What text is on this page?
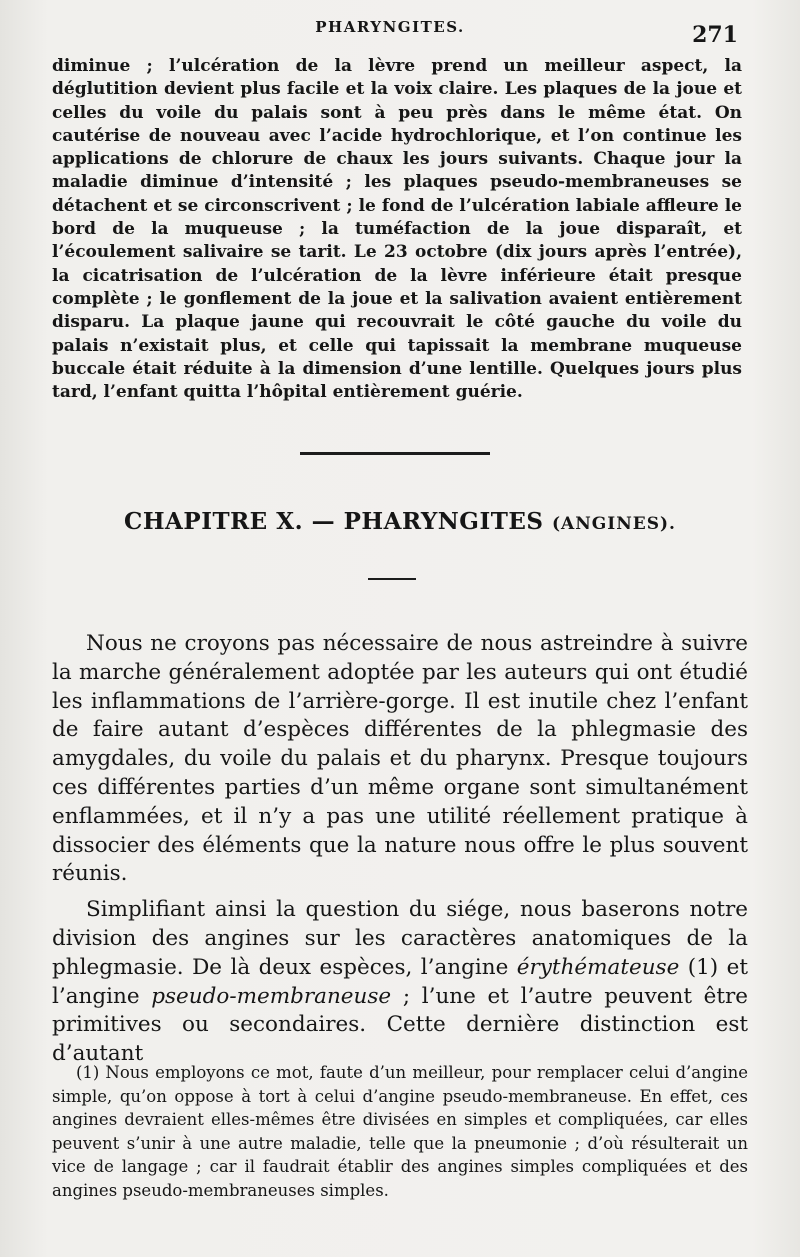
PHARYNGITES.	271
diminue ; l’ulcération de la lèvre prend un meilleur aspect, la déglutition devient plus facile et la voix claire. Les plaques de la joue et celles du voile du palais sont à peu près dans le même état. On cautérise de nouveau avec l’acide hydrochlorique, et l’on continue les applications de chlorure de chaux les jours suivants. Chaque jour la maladie diminue d’intensité ; les plaques pseudo-membraneuses se détachent et se circonscrivent ; le fond de l’ulcération labiale affleure le bord de la muqueuse ; la tuméfaction de la joue disparaît, et l’écoulement salivaire se tarit. Le 23 octobre (dix jours après l’entrée), la cicatrisation de l’ulcération de la lèvre inférieure était presque complète ; le gonflement de la joue et la salivation avaient entièrement disparu. La plaque jaune qui recouvrait le côté gauche du voile du palais n’existait plus, et celle qui tapissait la membrane muqueuse buccale était réduite à la dimension d’une lentille. Quelques jours plus tard, l’enfant quitta l’hôpital entièrement guérie.
CHAPITRE X. — PHARYNGITES (ANGINES).

Nous ne croyons pas nécessaire de nous astreindre à suivre la marche généralement adoptée par les auteurs qui ont étudié les inflammations de l’arrière-gorge. Il est inutile chez l’enfant de faire autant d’espèces différentes de la phlegmasie des amygdales, du voile du palais et du pharynx. Presque toujours ces différentes parties d’un même organe sont simultanément enflammées, et il n’y a pas une utilité réellement pratique à dissocier des éléments que la nature nous offre le plus souvent réunis.

Simplifiant ainsi la question du siége, nous baserons notre division des angines sur les caractères anatomiques de la phlegmasie. De là deux espèces, l’angine érythémateuse (1) et l’angine pseudo-membraneuse ; l’une et l’autre peuvent être primitives ou secondaires. Cette dernière distinction est d’autant

(1) Nous employons ce mot, faute d’un meilleur, pour remplacer celui d’angine simple, qu’on oppose à tort à celui d’angine pseudo-membraneuse. En effet, ces angines devraient elles-mêmes être divisées en simples et compliquées, car elles peuvent s’unir à une autre maladie, telle que la pneumonie ; d’où résulterait un vice de langage ; car il faudrait établir des angines simples compliquées et des angines pseudo-membraneuses simples.
